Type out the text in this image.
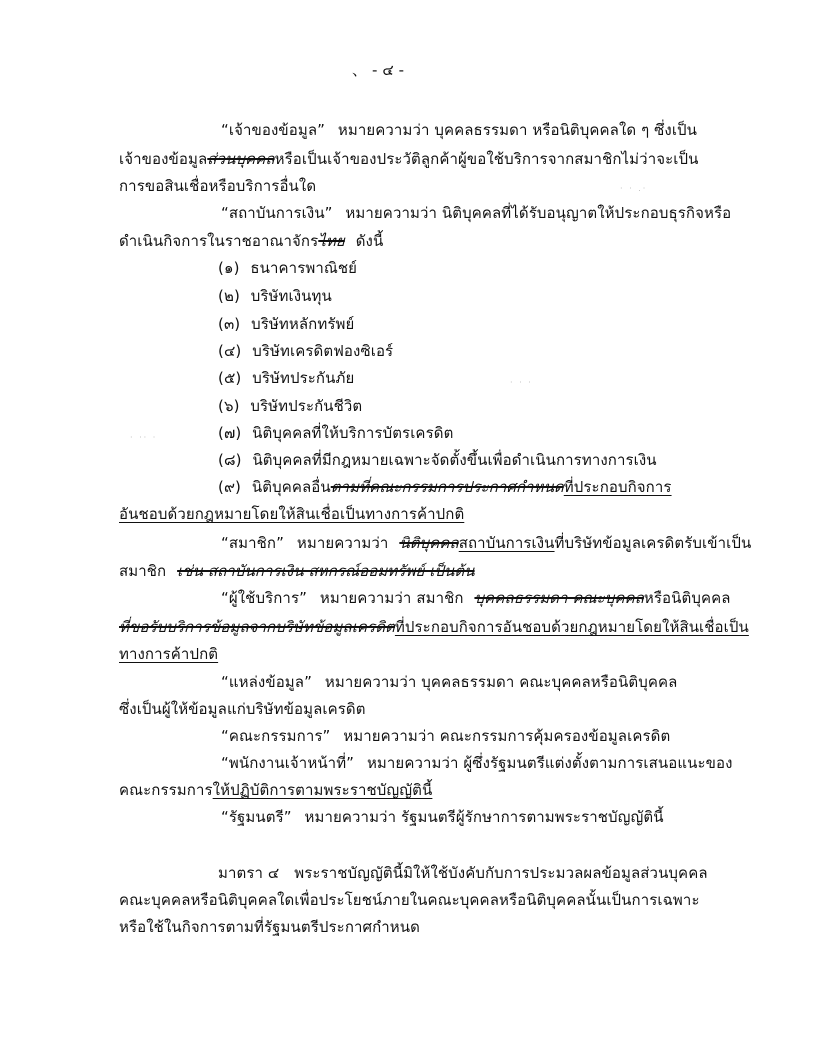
、 - ๔ -
“เจ้าของข้อมูล” หมายความว่า บุคคลธรรมดา หรือนิติบุคคลใด ๆ ซึ่งเป็น
เจ้าของข้อมูลส่วนบุคคลหรือเป็นเจ้าของประวัติลูกค้าผู้ขอใช้บริการจากสมาชิกไม่ว่าจะเป็น
การขอสินเชื่อหรือบริการอื่นใด
“สถาบันการเงิน” หมายความว่า นิติบุคคลที่ได้รับอนุญาตให้ประกอบธุรกิจหรือ
ดำเนินกิจการในราชอาณาจักรไทย ดังนี้
(๑) ธนาคารพาณิชย์
(๒) บริษัทเงินทุน
(๓) บริษัทหลักทรัพย์
(๔) บริษัทเครดิตฟองซิเอร์
(๕) บริษัทประกันภัย
(๖) บริษัทประกันชีวิต
(๗) นิติบุคคลที่ให้บริการบัตรเครดิต
(๘) นิติบุคคลที่มีกฎหมายเฉพาะจัดตั้งขึ้นเพื่อดำเนินการทางการเงิน
(๙) นิติบุคคลอื่นตามที่คณะกรรมการประกาศกำหนดที่ประกอบกิจการ
อันชอบด้วยกฎหมายโดยให้สินเชื่อเป็นทางการค้าปกติ
“สมาชิก” หมายความว่า นิติบุคคลสถาบันการเงินที่บริษัทข้อมูลเครดิตรับเข้าเป็น
สมาชิก เช่น สถาบันการเงิน สหกรณ์ออมทรัพย์ เป็นต้น
“ผู้ใช้บริการ” หมายความว่า สมาชิก บุคคลธรรมดา คณะบุคคลหรือนิติบุคคล
ที่ขอรับบริการข้อมูลจากบริษัทข้อมูลเครดิตที่ประกอบกิจการอันชอบด้วยกฎหมายโดยให้สินเชื่อเป็น
ทางการค้าปกติ
“แหล่งข้อมูล” หมายความว่า บุคคลธรรมดา คณะบุคคลหรือนิติบุคคล
ซึ่งเป็นผู้ให้ข้อมูลแก่บริษัทข้อมูลเครดิต
“คณะกรรมการ” หมายความว่า คณะกรรมการคุ้มครองข้อมูลเครดิต
“พนักงานเจ้าหน้าที่” หมายความว่า ผู้ซึ่งรัฐมนตรีแต่งตั้งตามการเสนอแนะของ
คณะกรรมการให้ปฏิบัติการตามพระราชบัญญัตินี้
“รัฐมนตรี” หมายความว่า รัฐมนตรีผู้รักษาการตามพระราชบัญญัตินี้
มาตรา ๔ พระราชบัญญัตินี้มิให้ใช้บังคับกับการประมวลผลข้อมูลส่วนบุคคล
คณะบุคคลหรือนิติบุคคลใดเพื่อประโยชน์ภายในคณะบุคคลหรือนิติบุคคลนั้นเป็นการเฉพาะ
หรือใช้ในกิจการตามที่รัฐมนตรีประกาศกำหนด
· · .·
· ·· ·
· · ·
